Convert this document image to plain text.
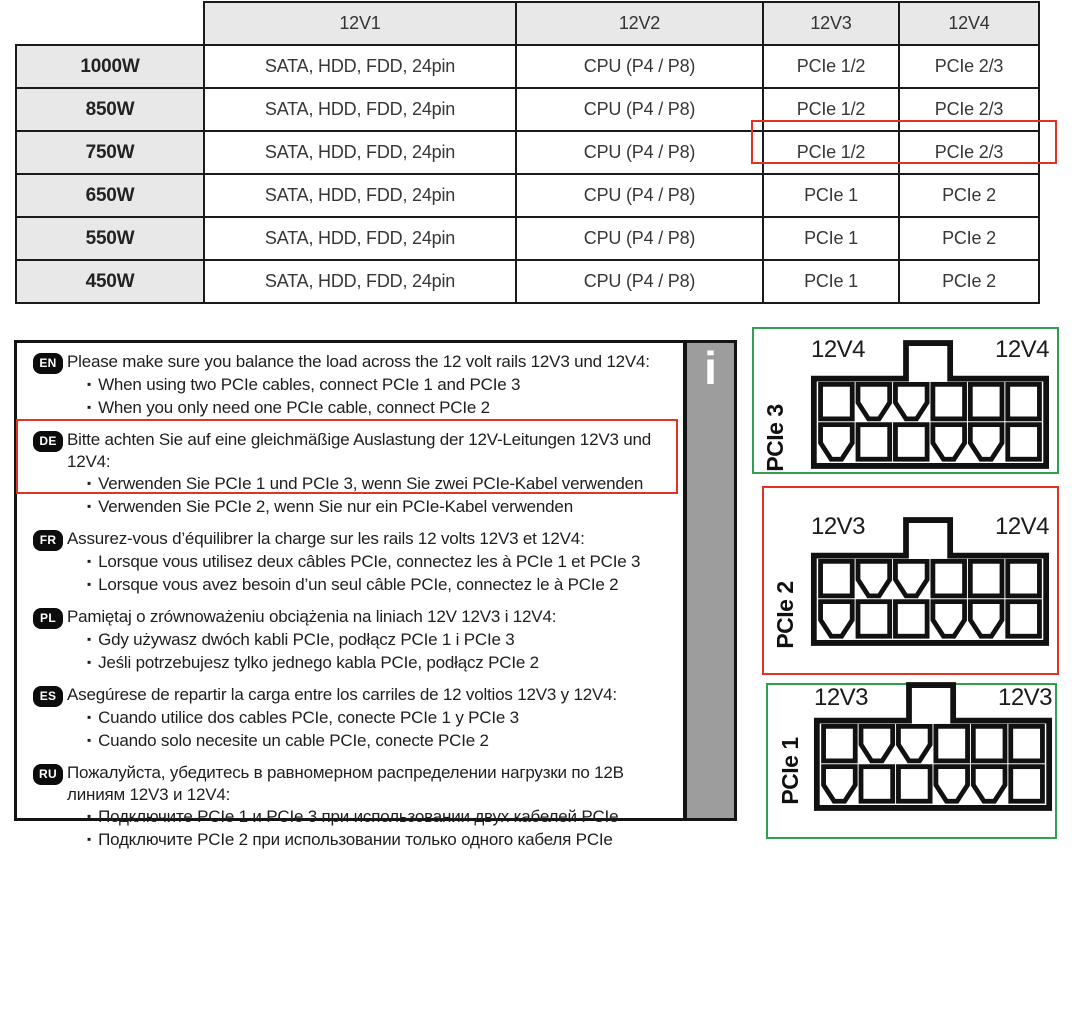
	12V1	12V2	12V3	12V4
1000W	SATA, HDD, FDD, 24pin	CPU (P4 / P8)	PCIe 1/2	PCIe 2/3
850W	SATA, HDD, FDD, 24pin	CPU (P4 / P8)	PCIe 1/2	PCIe 2/3
750W	SATA, HDD, FDD, 24pin	CPU (P4 / P8)	PCIe 1/2	PCIe 2/3
650W	SATA, HDD, FDD, 24pin	CPU (P4 / P8)	PCIe 1	PCIe 2
550W	SATA, HDD, FDD, 24pin	CPU (P4 / P8)	PCIe 1	PCIe 2
450W	SATA, HDD, FDD, 24pin	CPU (P4 / P8)	PCIe 1	PCIe 2
EN Please make sure you balance the load across the 12 volt rails 12V3 und 12V4:
▪ When using two PCIe cables, connect PCIe 1 and PCIe 3
▪ When you only need one PCIe cable, connect PCIe 2
DE Bitte achten Sie auf eine gleichmäßige Auslastung der 12V-Leitungen 12V3 und 12V4:
▪ Verwenden Sie PCIe 1 und PCIe 3, wenn Sie zwei PCIe-Kabel verwenden
▪ Verwenden Sie PCIe 2, wenn Sie nur ein PCIe-Kabel verwenden
FR Assurez-vous d’équilibrer la charge sur les rails 12 volts 12V3 et 12V4:
▪ Lorsque vous utilisez deux câbles PCIe, connectez les à PCIe 1 et PCIe 3
▪ Lorsque vous avez besoin d’un seul câble PCIe, connectez le à PCIe 2
PL Pamiętaj o zrównoważeniu obciążenia na liniach 12V 12V3 i 12V4:
▪ Gdy używasz dwóch kabli PCIe, podłącz PCIe 1 i PCIe 3
▪ Jeśli potrzebujesz tylko jednego kabla PCIe, podłącz PCIe 2
ES Asegúrese de repartir la carga entre los carriles de 12 voltios 12V3 y 12V4:
▪ Cuando utilice dos cables PCIe, conecte PCIe 1 y PCIe 3
▪ Cuando solo necesite un cable PCIe, conecte PCIe 2
RU Пожалуйста, убедитесь в равномерном распределении нагрузки по 12В линиям 12V3 и 12V4:
▪ Подключите PCIe 1 и PCIe 3 при использовании двух кабелей PCIe
▪ Подключите PCIe 2 при использовании только одного кабеля PCIe
i
PCIe 3
12V4	12V4
PCIe 2
12V3	12V4
PCIe 1
12V3	12V3
